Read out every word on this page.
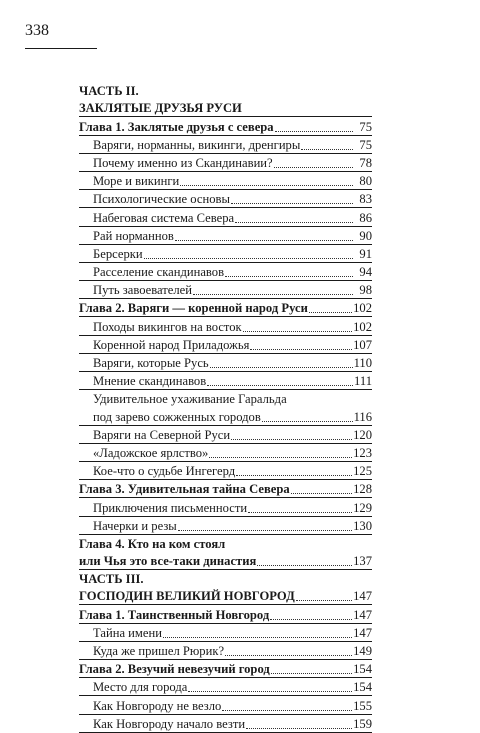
338
ЧАСТЬ II.
ЗАКЛЯТЫЕ ДРУЗЬЯ РУСИ
Глава 1. Заклятые друзья с севера	75
Варяги, норманны, викинги, дренгиры	75
Почему именно из Скандинавии?	78
Море и викинги	80
Психологические основы	83
Набеговая система Севера	86
Рай норманнов	90
Берсерки	91
Расселение скандинавов	94
Путь завоевателей	98
Глава 2. Варяги — коренной народ Руси	102
Походы викингов на восток	102
Коренной народ Приладожья	107
Варяги, которые Русь	110
Мнение скандинавов	111
Удивительное ухаживание Гаральда
под зарево сожженных городов	116
Варяги на Северной Руси	120
«Ладожское ярлство»	123
Кое-что о судьбе Ингегерд	125
Глава 3. Удивительная тайна Севера	128
Приключения письменности	129
Начерки и резы	130
Глава 4. Кто на ком стоял
или Чья это все-таки династия	137
ЧАСТЬ III.
ГОСПОДИН ВЕЛИКИЙ НОВГОРОД	147
Глава 1. Таинственный Новгород	147
Тайна имени	147
Куда же пришел Рюрик?	149
Глава 2. Везучий невезучий город	154
Место для города	154
Как Новгороду не везло	155
Как Новгороду начало везти	159
